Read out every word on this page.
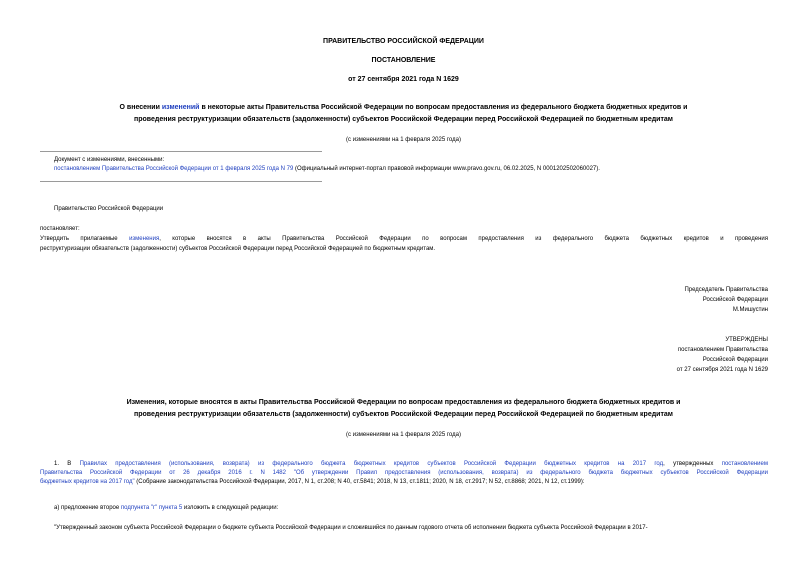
ПРАВИТЕЛЬСТВО РОССИЙСКОЙ ФЕДЕРАЦИИ
ПОСТАНОВЛЕНИЕ
от 27 сентября 2021 года N 1629
О внесении изменений в некоторые акты Правительства Российской Федерации по вопросам предоставления из федерального бюджета бюджетных кредитов и
проведения реструктуризации обязательств (задолженности) субъектов Российской Федерации перед Российской Федерацией по бюджетным кредитам
(с изменениями на 1 февраля 2025 года)
Документ с изменениями, внесенными:
постановлением Правительства Российской Федерации от 1 февраля 2025 года N 79 (Официальный интернет-портал правовой информации www.pravo.gov.ru, 06.02.2025, N 0001202502060027).
Правительство Российской Федерации
постановляет:
Утвердить прилагаемые изменения, которые вносятся в акты Правительства Российской Федерации по вопросам предоставления из федерального бюджета бюджетных кредитов и проведения
реструктуризации обязательств (задолженности) субъектов Российской Федерации перед Российской Федерацией по бюджетным кредитам.
Председатель Правительства
Российской Федерации
М.Мишустин
УТВЕРЖДЕНЫ
постановлением Правительства
Российской Федерации
от 27 сентября 2021 года N 1629
Изменения, которые вносятся в акты Правительства Российской Федерации по вопросам предоставления из федерального бюджета бюджетных кредитов и
проведения реструктуризации обязательств (задолженности) субъектов Российской Федерации перед Российской Федерацией по бюджетным кредитам
(с изменениями на 1 февраля 2025 года)
1. В Правилах предоставления (использования, возврата) из федерального бюджета бюджетных кредитов субъектов Российской Федерации бюджетных кредитов на 2017 год, утвержденных постановлением
Правительства Российской Федерации от 26 декабря 2016 г. N 1482 "Об утверждении Правил предоставления (использования, возврата) из федерального бюджета бюджетных субъектов Российской Федерации
бюджетных кредитов на 2017 год" (Собрание законодательства Российской Федерации, 2017, N 1, ст.208; N 40, ст.5841; 2018, N 13, ст.1811; 2020, N 18, ст.2917; N 52, ст.8868; 2021, N 12, ст.1999):
а) предложение второе подпункта "г" пункта 5 изложить в следующей редакции:
"Утвержденный законом субъекта Российской Федерации о бюджете субъекта Российской Федерации и сложившийся по данным годового отчета об исполнении бюджета субъекта Российской Федерации в 2017-
